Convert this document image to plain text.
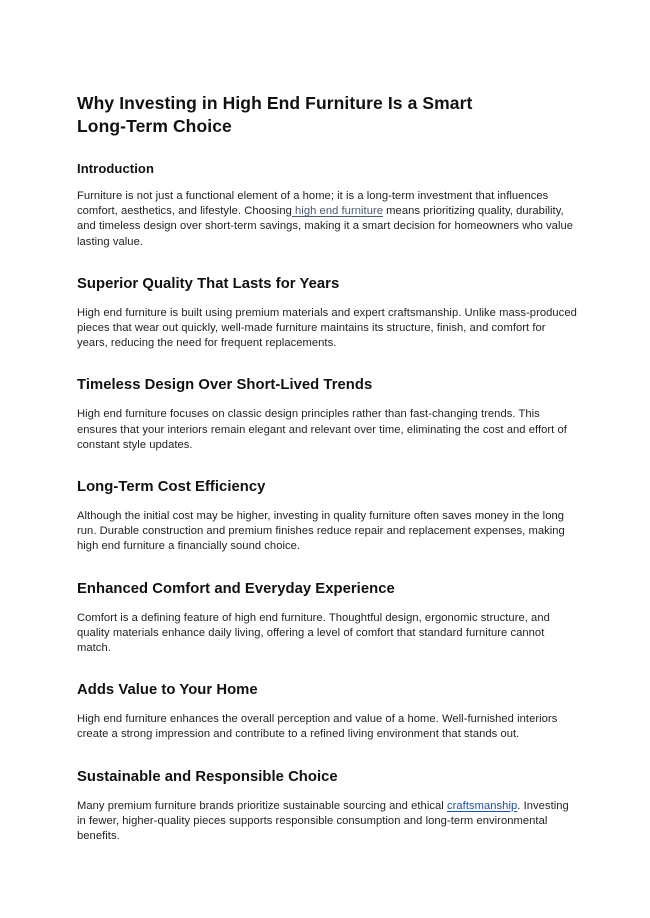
Why Investing in High End Furniture Is a Smart Long-Term Choice
Introduction

Furniture is not just a functional element of a home; it is a long-term investment that influences comfort, aesthetics, and lifestyle. Choosing high end furniture means prioritizing quality, durability, and timeless design over short-term savings, making it a smart decision for homeowners who value lasting value.

Superior Quality That Lasts for Years

High end furniture is built using premium materials and expert craftsmanship. Unlike mass-produced pieces that wear out quickly, well-made furniture maintains its structure, finish, and comfort for years, reducing the need for frequent replacements.

Timeless Design Over Short-Lived Trends

High end furniture focuses on classic design principles rather than fast-changing trends. This ensures that your interiors remain elegant and relevant over time, eliminating the cost and effort of constant style updates.

Long-Term Cost Efficiency

Although the initial cost may be higher, investing in quality furniture often saves money in the long run. Durable construction and premium finishes reduce repair and replacement expenses, making high end furniture a financially sound choice.

Enhanced Comfort and Everyday Experience

Comfort is a defining feature of high end furniture. Thoughtful design, ergonomic structure, and quality materials enhance daily living, offering a level of comfort that standard furniture cannot match.

Adds Value to Your Home

High end furniture enhances the overall perception and value of a home. Well-furnished interiors create a strong impression and contribute to a refined living environment that stands out.

Sustainable and Responsible Choice

Many premium furniture brands prioritize sustainable sourcing and ethical craftsmanship. Investing in fewer, higher-quality pieces supports responsible consumption and long-term environmental benefits.
